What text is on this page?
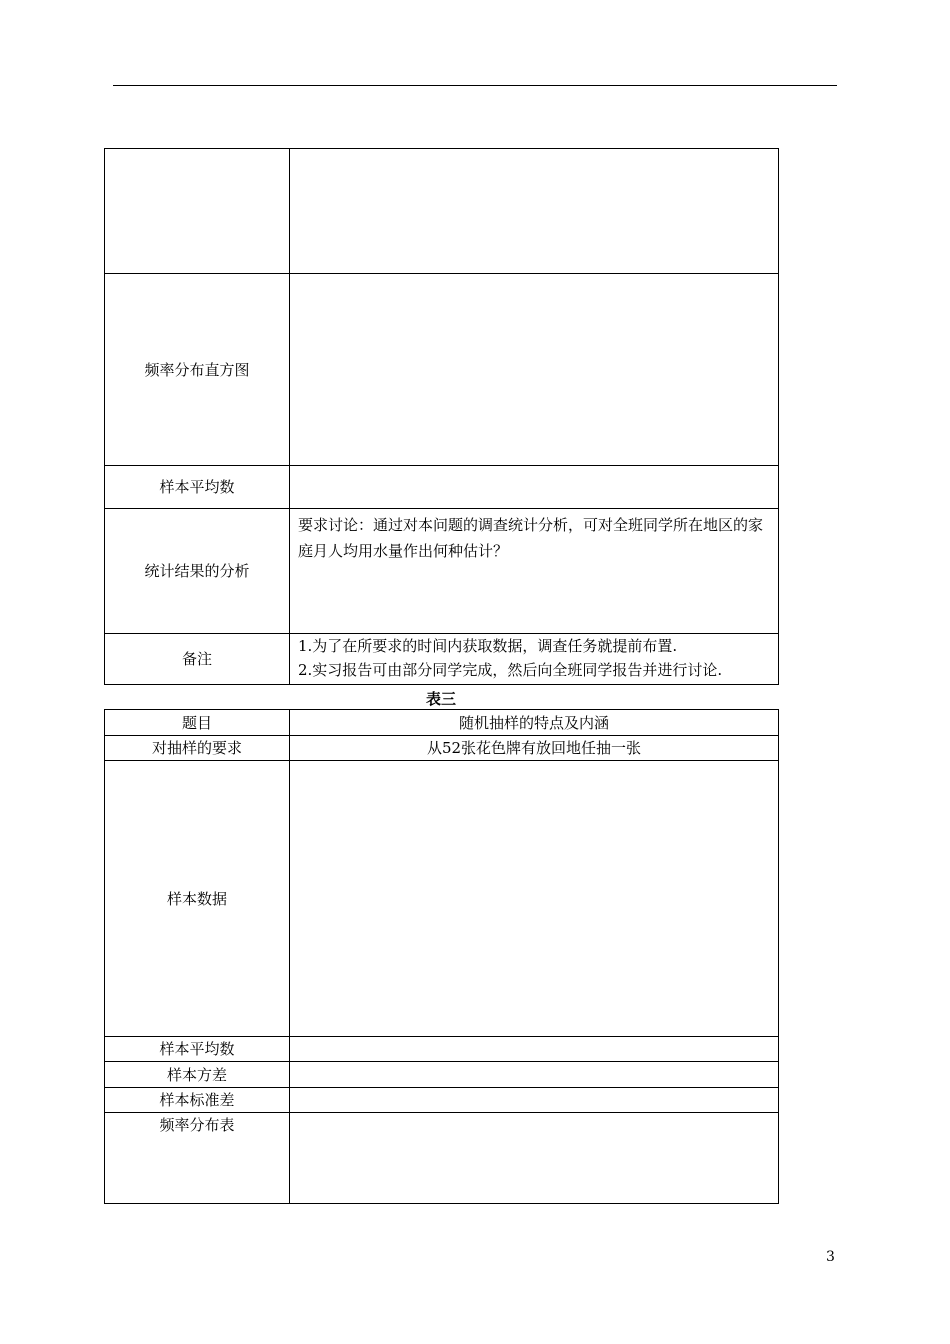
频率分布直方图	
样本平均数	
统计结果的分析	要求讨论：通过对本问题的调查统计分析，可对全班同学所在地区的家庭月人均用水量作出何种估计？
备注	1.为了在所要求的时间内获取数据，调查任务就提前布置.
2.实习报告可由部分同学完成，然后向全班同学报告并进行讨论.
表三
题目	随机抽样的特点及内涵
对抽样的要求	从52张花色牌有放回地任抽一张
样本数据	
样本平均数	
样本方差	
样本标准差	
频率分布表	
3
